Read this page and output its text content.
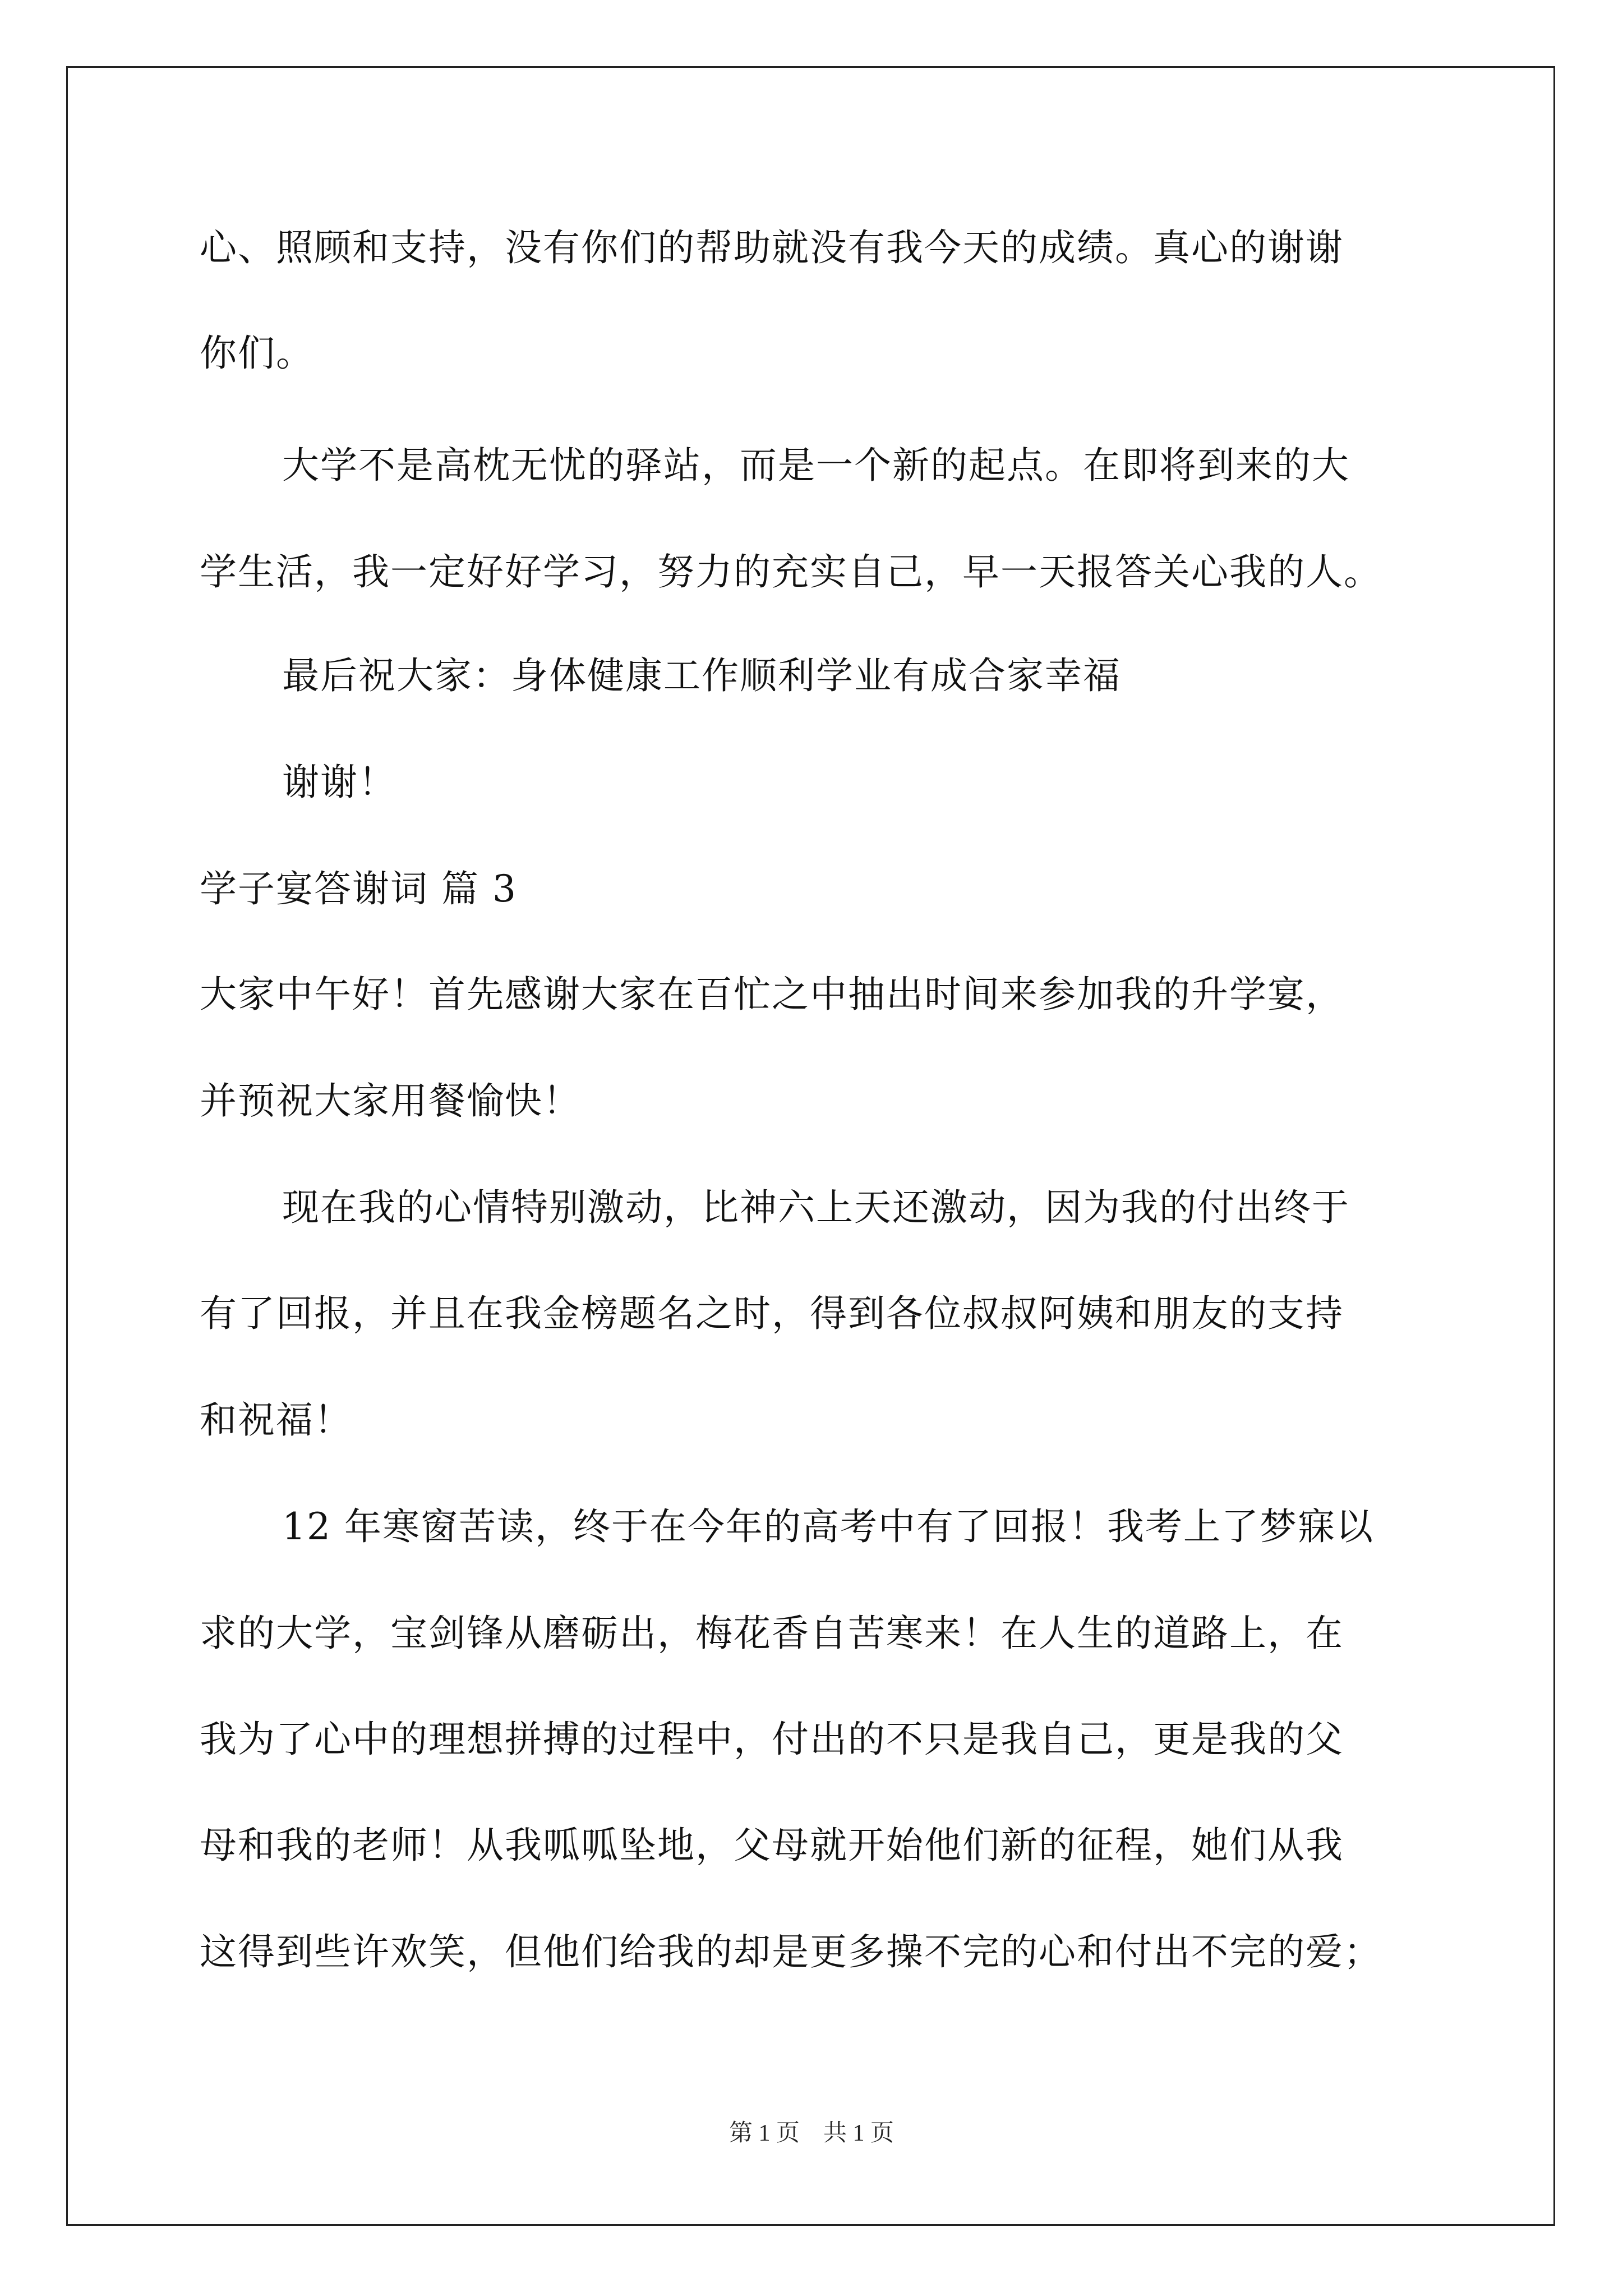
心、照顾和支持，没有你们的帮助就没有我今天的成绩。真心的谢谢
你们。
大学不是高枕无忧的驿站，而是一个新的起点。在即将到来的大
学生活，我一定好好学习，努力的充实自己，早一天报答关心我的人。
最后祝大家：身体健康工作顺利学业有成合家幸福
谢谢！
学子宴答谢词 篇 3
大家中午好！首先感谢大家在百忙之中抽出时间来参加我的升学宴，
并预祝大家用餐愉快！
现在我的心情特别激动，比神六上天还激动，因为我的付出终于
有了回报，并且在我金榜题名之时，得到各位叔叔阿姨和朋友的支持
和祝福！
12 年寒窗苦读，终于在今年的高考中有了回报！我考上了梦寐以
求的大学，宝剑锋从磨砺出，梅花香自苦寒来！在人生的道路上，在
我为了心中的理想拼搏的过程中，付出的不只是我自己，更是我的父
母和我的老师！从我呱呱坠地，父母就开始他们新的征程，她们从我
这得到些许欢笑，但他们给我的却是更多操不完的心和付出不完的爱；
第 1 页　共 1 页
